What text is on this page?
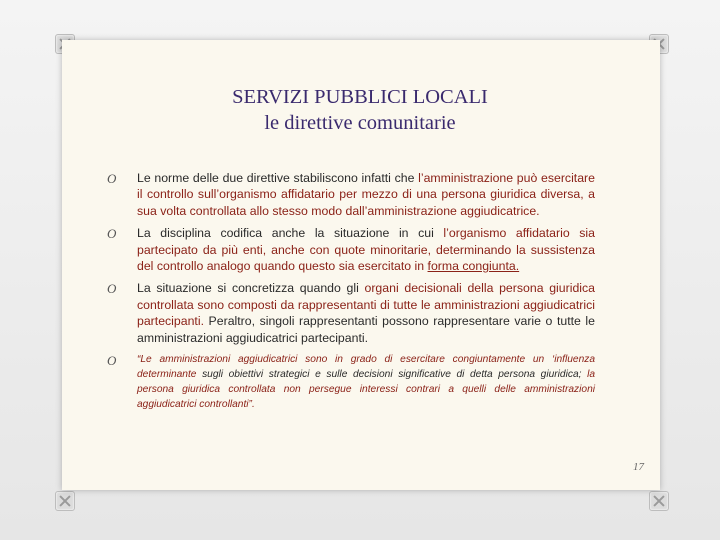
SERVIZI PUBBLICI LOCALI
le direttive comunitarie
O Le norme delle due direttive stabiliscono infatti che l’amministrazione può esercitare il controllo sull’organismo affidatario per mezzo di una persona giuridica diversa, a sua volta controllata allo stesso modo dall’amministrazione aggiudicatrice.

O La disciplina codifica anche la situazione in cui l’organismo affidatario sia partecipato da più enti, anche con quote minoritarie, determinando la sussistenza del controllo analogo quando questo sia esercitato in forma congiunta.

O La situazione si concretizza quando gli organi decisionali della persona giuridica controllata sono composti da rappresentanti di tutte le amministrazioni aggiudicatrici partecipanti. Peraltro, singoli rappresentanti possono rappresentare varie o tutte le amministrazioni aggiudicatrici partecipanti.

O “Le amministrazioni aggiudicatrici sono in grado di esercitare congiuntamente un ‘influenza determinante sugli obiettivi strategici e sulle decisioni significative di detta persona giuridica; la persona giuridica controllata non persegue interessi contrari a quelli delle amministrazioni aggiudicatrici controllanti”.

17
